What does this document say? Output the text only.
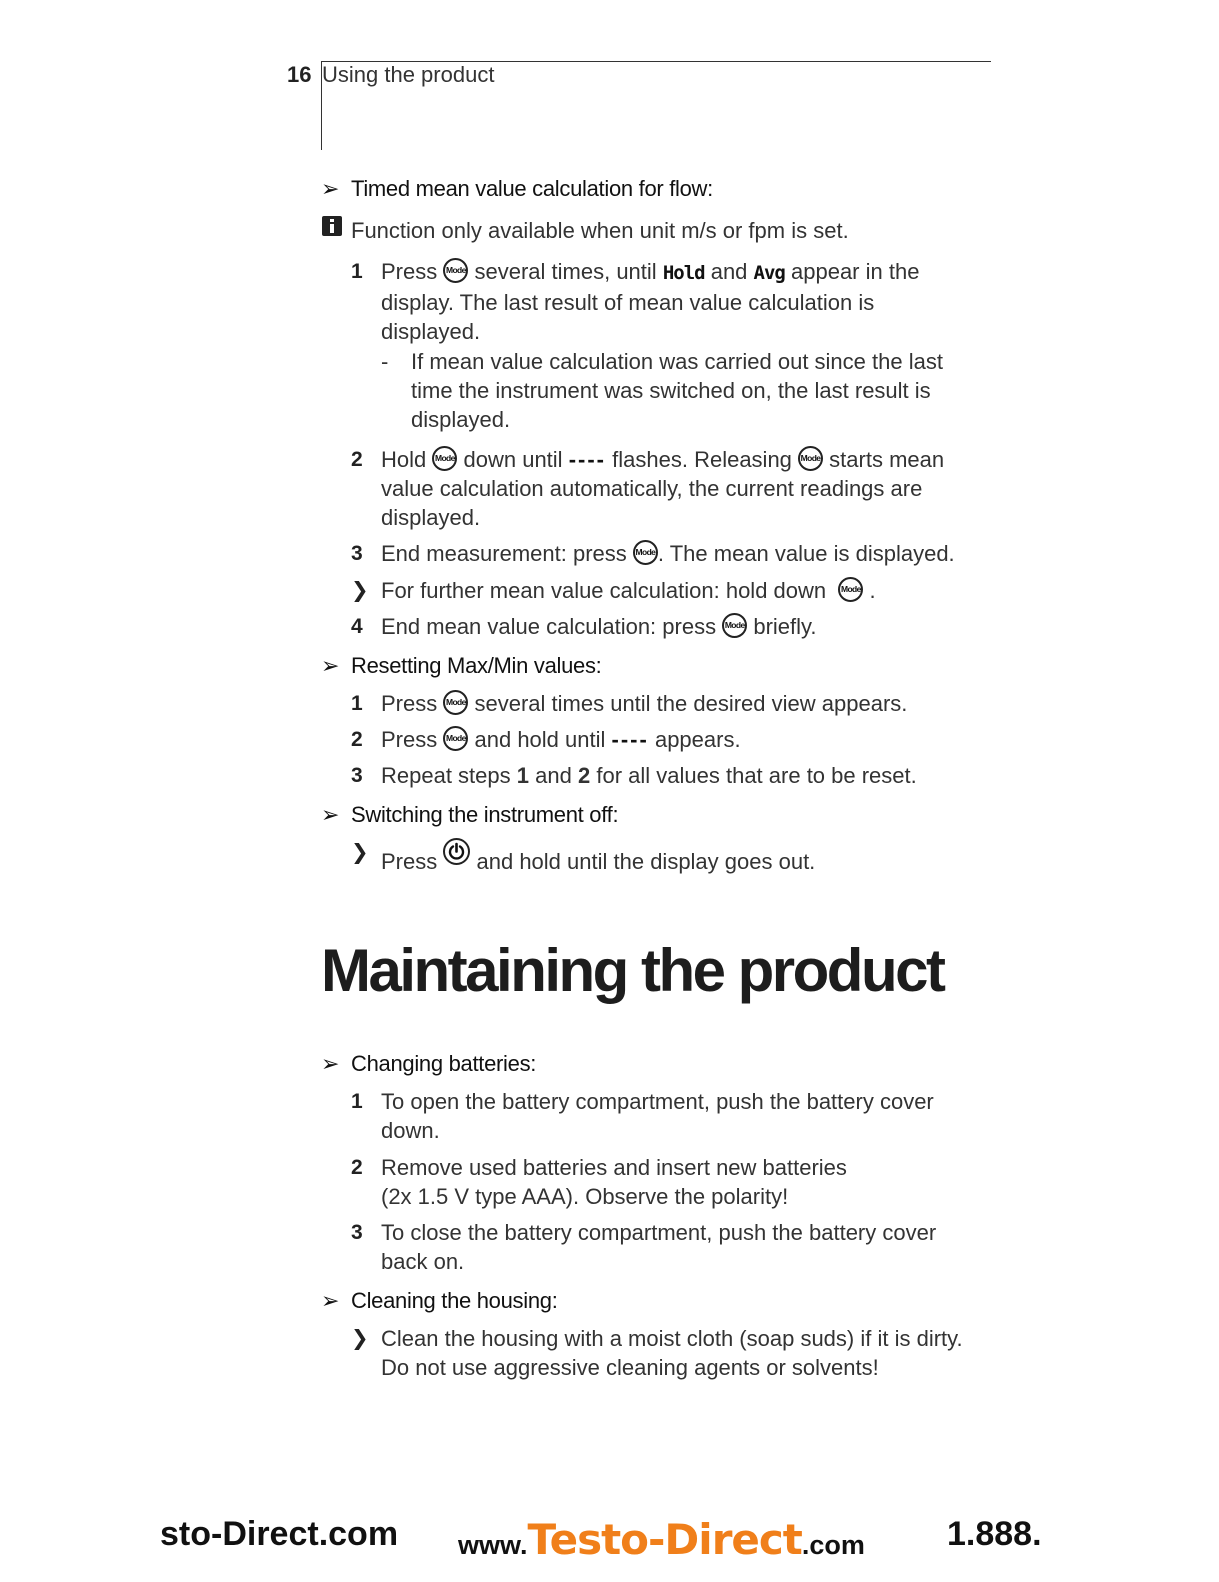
16 Using the product
➢ Timed mean value calculation for flow:
Function only available when unit m/s or fpm is set.
1 Press Mode several times, until Hold and Avg appear in the display. The last result of mean value calculation is displayed.
- If mean value calculation was carried out since the last time the instrument was switched on, the last result is displayed.
2 Hold Mode down until ---- flashes. Releasing Mode starts mean value calculation automatically, the current readings are displayed.
3 End measurement: press Mode . The mean value is displayed.
❯ For further mean value calculation: hold down Mode .
4 End mean value calculation: press Mode briefly.
➢ Resetting Max/Min values:
1 Press Mode several times until the desired view appears.
2 Press Mode and hold until ---- appears.
3 Repeat steps 1 and 2 for all values that are to be reset.
➢ Switching the instrument off:
❯ Press and hold until the display goes out.
Maintaining the product
➢ Changing batteries:
1 To open the battery compartment, push the battery cover down.
2 Remove used batteries and insert new batteries
(2x 1.5 V type AAA). Observe the polarity!
3 To close the battery compartment, push the battery cover back on.
➢ Cleaning the housing:
❯ Clean the housing with a moist cloth (soap suds) if it is dirty.
Do not use aggressive cleaning agents or solvents!
sto-Direct.com www.Testo-Direct.com 1.888.
